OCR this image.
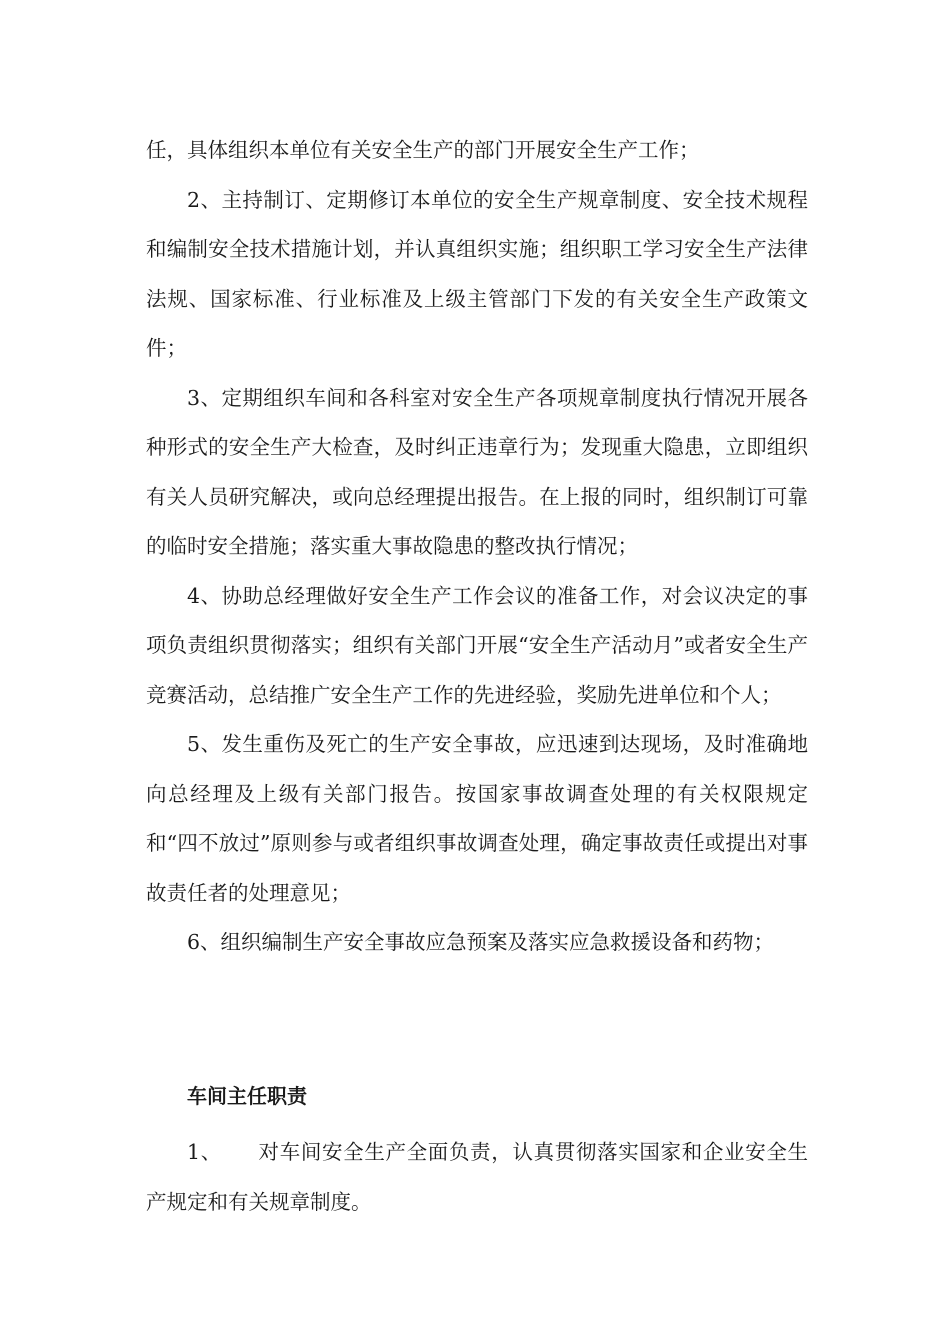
任，具体组织本单位有关安全生产的部门开展安全生产工作；

2、主持制订、定期修订本单位的安全生产规章制度、安全技术规程和编制安全技术措施计划，并认真组织实施；组织职工学习安全生产法律法规、国家标准、行业标准及上级主管部门下发的有关安全生产政策文件；

3、定期组织车间和各科室对安全生产各项规章制度执行情况开展各种形式的安全生产大检查，及时纠正违章行为；发现重大隐患，立即组织有关人员研究解决，或向总经理提出报告。在上报的同时，组织制订可靠的临时安全措施；落实重大事故隐患的整改执行情况；

4、协助总经理做好安全生产工作会议的准备工作，对会议决定的事项负责组织贯彻落实；组织有关部门开展“安全生产活动月”或者安全生产竞赛活动，总结推广安全生产工作的先进经验，奖励先进单位和个人；

5、发生重伤及死亡的生产安全事故，应迅速到达现场，及时准确地向总经理及上级有关部门报告。按国家事故调查处理的有关权限规定和“四不放过”原则参与或者组织事故调查处理，确定事故责任或提出对事故责任者的处理意见；

6、组织编制生产安全事故应急预案及落实应急救援设备和药物；

车间主任职责

1、 对车间安全生产全面负责，认真贯彻落实国家和企业安全生产规定和有关规章制度。
